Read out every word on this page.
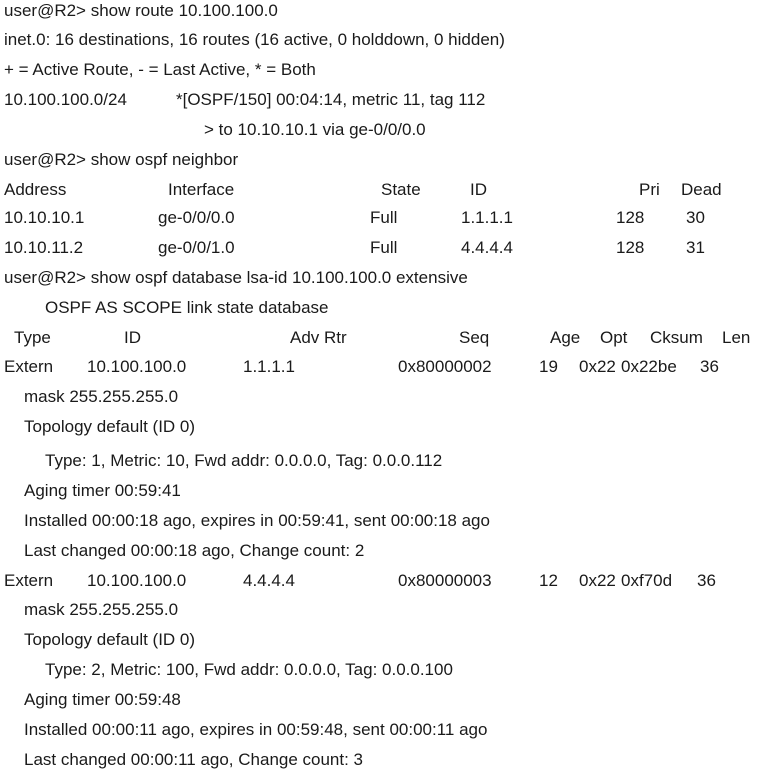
user@R2> show route 10.100.100.0
inet.0: 16 destinations, 16 routes (16 active, 0 holddown, 0 hidden)
+ = Active Route, - = Last Active, * = Both
10.100.100.0/24	*[OSPF/150] 00:04:14, metric 11, tag 112
> to 10.10.10.1 via ge-0/0/0.0
user@R2> show ospf neighbor
Address	Interface	State	ID	Pri Dead
10.10.10.1	ge-0/0/0.0	Full	1.1.1.1	128 30
10.10.11.2	ge-0/0/1.0	Full	4.4.4.4	128 31
user@R2> show ospf database lsa-id 10.100.100.0 extensive
OSPF AS SCOPE link state database
Type	ID	Adv Rtr	Seq	Age Opt Cksum Len
Extern 10.100.100.0	1.1.1.1	0x80000002	19 0x22 0x22be 36
mask 255.255.255.0
Topology default (ID 0)
Type: 1, Metric: 10, Fwd addr: 0.0.0.0, Tag: 0.0.0.112
Aging timer 00:59:41
Installed 00:00:18 ago, expires in 00:59:41, sent 00:00:18 ago
Last changed 00:00:18 ago, Change count: 2
Extern 10.100.100.0	4.4.4.4	0x80000003	12 0x22 0xf70d 36
mask 255.255.255.0
Topology default (ID 0)
Type: 2, Metric: 100, Fwd addr: 0.0.0.0, Tag: 0.0.0.100
Aging timer 00:59:48
Installed 00:00:11 ago, expires in 00:59:48, sent 00:00:11 ago
Last changed 00:00:11 ago, Change count: 3
